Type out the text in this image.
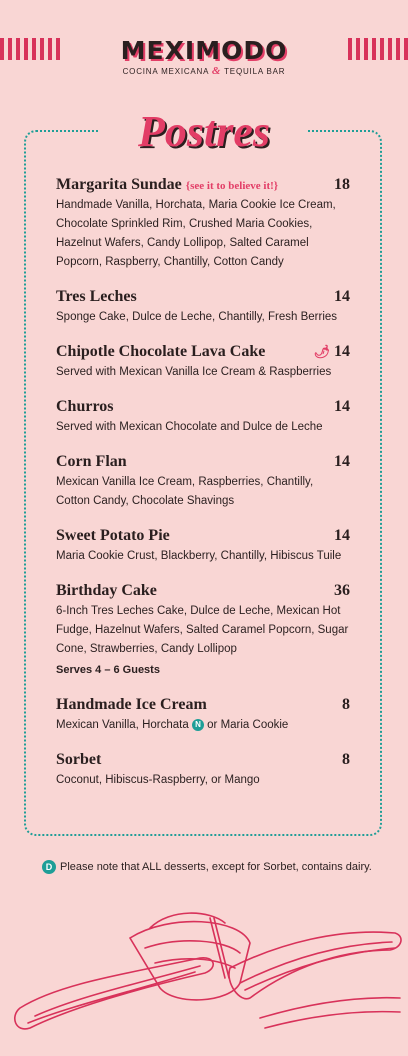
MEXIMODO
COCINA MEXICANA & TEQUILA BAR
Postres
Margarita Sundae {see it to believe it!}	18
Handmade Vanilla, Horchata, Maria Cookie Ice Cream, Chocolate Sprinkled Rim, Crushed Maria Cookies, Hazelnut Wafers, Candy Lollipop, Salted Caramel Popcorn, Raspberry, Chantilly, Cotton Candy
Tres Leches	14
Sponge Cake, Dulce de Leche, Chantilly, Fresh Berries
Chipotle Chocolate Lava Cake	🌶 14
Served with Mexican Vanilla Ice Cream & Raspberries
Churros	14
Served with Mexican Chocolate and Dulce de Leche
Corn Flan	14
Mexican Vanilla Ice Cream, Raspberries, Chantilly, Cotton Candy, Chocolate Shavings
Sweet Potato Pie	14
Maria Cookie Crust, Blackberry, Chantilly, Hibiscus Tuile
Birthday Cake	36
6-Inch Tres Leches Cake, Dulce de Leche, Mexican Hot Fudge, Hazelnut Wafers, Salted Caramel Popcorn, Sugar Cone, Strawberries, Candy Lollipop
Serves 4 – 6 Guests
Handmade Ice Cream	8
Mexican Vanilla, Horchata N or Maria Cookie
Sorbet	8
Coconut, Hibiscus-Raspberry, or Mango
D Please note that ALL desserts, except for Sorbet, contains dairy.
